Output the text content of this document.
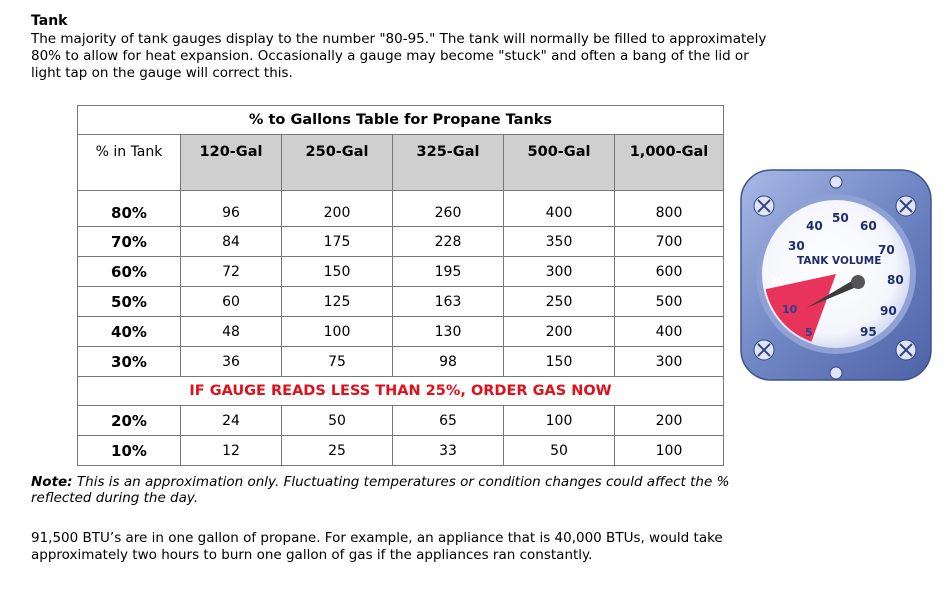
Tank
The majority of tank gauges display to the number "80-95." The tank will normally be filled to approximately 80% to allow for heat expansion. Occasionally a gauge may become "stuck" and often a bang of the lid or light tap on the gauge will correct this.
% to Gallons Table for Propane Tanks					
% in Tank	120-Gal	250-Gal	325-Gal	500-Gal	1,000-Gal
80%	96	200	260	400	800
70%	84	175	228	350	700
60%	72	150	195	300	600
50%	60	125	163	250	500
40%	48	100	130	200	400
30%	36	75	98	150	300
IF GAUGE READS LESS THAN 25%, ORDER GAS NOW					
20%	24	50	65	100	200
10%	12	25	33	50	100
30
40
50
60
70
80
90
95
20
10
5
TANK VOLUME
Note: This is an approximation only. Fluctuating temperatures or condition changes could affect the % reflected during the day.
91,500 BTU’s are in one gallon of propane. For example, an appliance that is 40,000 BTUs, would take approximately two hours to burn one gallon of gas if the appliances ran constantly.
